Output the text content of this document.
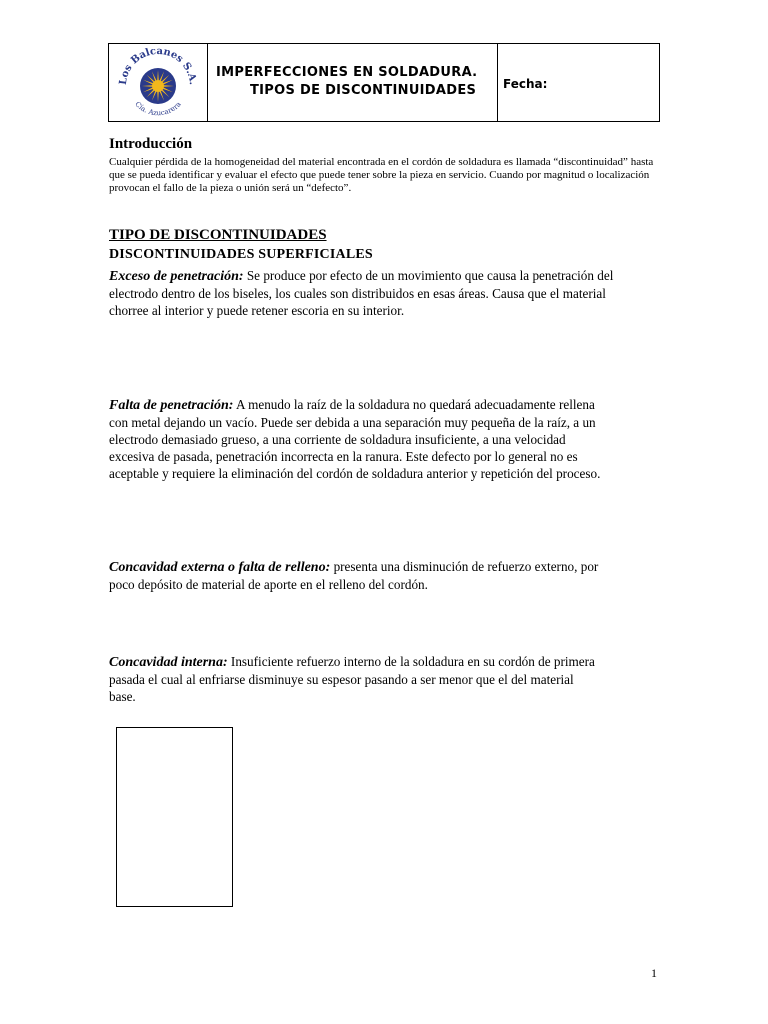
Los Balcanes S.A.
Cía. Azucarera
IMPERFECCIONES EN SOLDADURA.
TIPOS DE DISCONTINUIDADES Fecha:
Introducción
Cualquier pérdida de la homogeneidad del material encontrada en el cordón de soldadura es llamada “discontinuidad” hasta que se pueda identificar y evaluar el efecto que puede tener sobre la pieza en servicio. Cuando por magnitud o localización provocan el fallo de la pieza o unión será un “defecto”.
TIPO DE DISCONTINUIDADES
DISCONTINUIDADES SUPERFICIALES
Exceso de penetración: Se produce por efecto de un movimiento que causa la penetración del electrodo dentro de los biseles, los cuales son distribuidos en esas áreas. Causa que el material chorree al interior y puede retener escoria en su interior.
Falta de penetración: A menudo la raíz de la soldadura no quedará adecuadamente rellena con metal dejando un vacío. Puede ser debida a una separación muy pequeña de la raíz, a un electrodo demasiado grueso, a una corriente de soldadura insuficiente, a una velocidad excesiva de pasada, penetración incorrecta en la ranura. Este defecto por lo general no es aceptable y requiere la eliminación del cordón de soldadura anterior y repetición del proceso.
Concavidad externa o falta de relleno: presenta una disminución de refuerzo externo, por poco depósito de material de aporte en el relleno del cordón.
Concavidad interna: Insuficiente refuerzo interno de la soldadura en su cordón de primera pasada el cual al enfriarse disminuye su espesor pasando a ser menor que el del material base.
1
